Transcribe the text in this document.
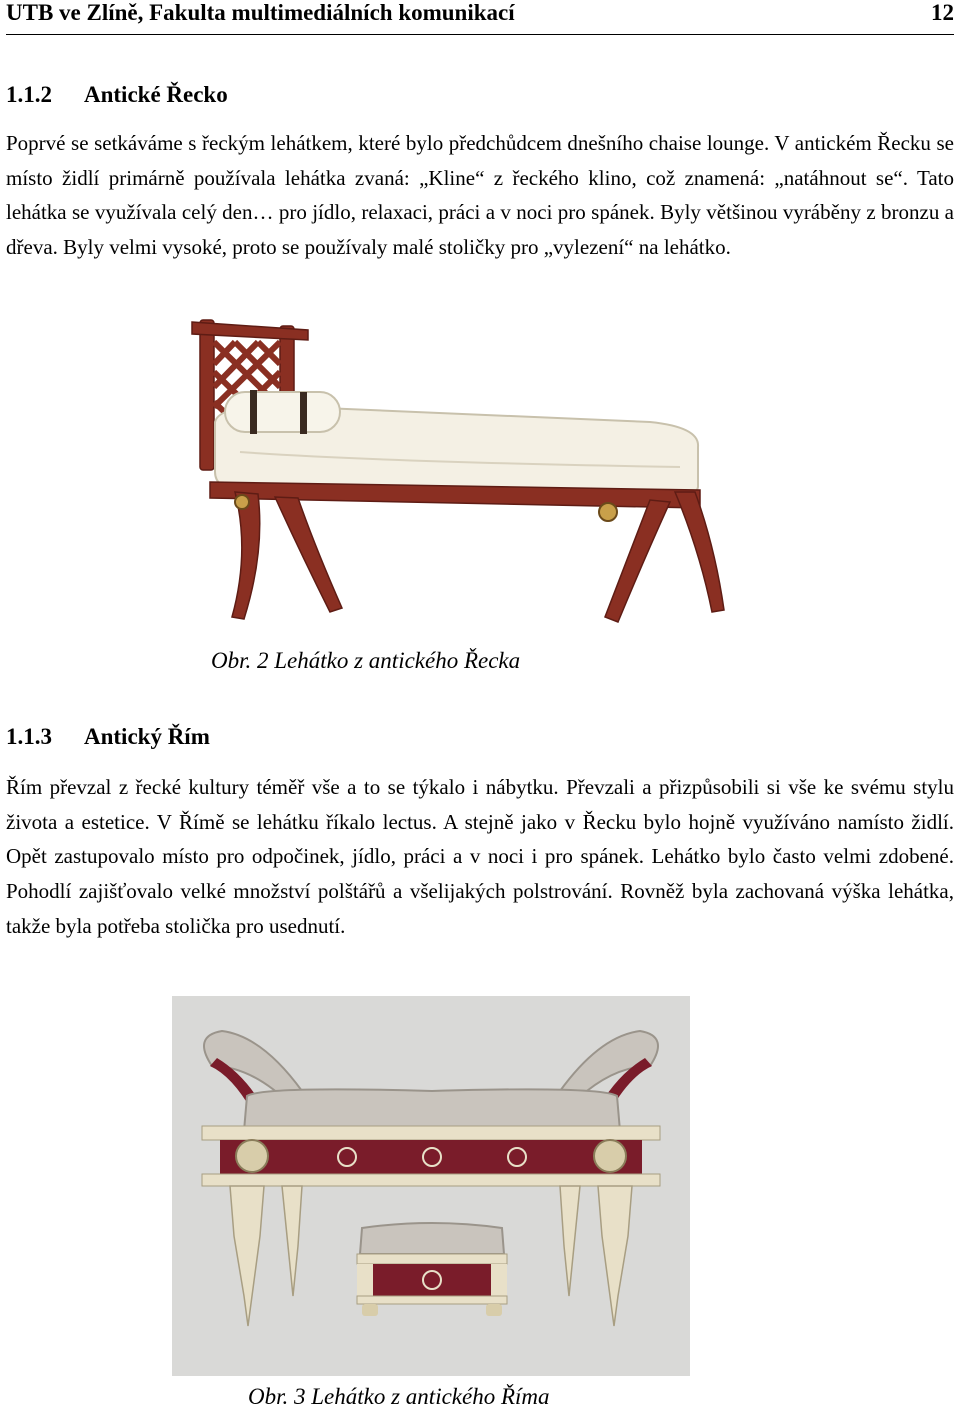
UTB ve Zlíně, Fakulta multimediálních komunikací	12
1.1.2 Antické Řecko
Poprvé se setkáváme s řeckým lehátkem, které bylo předchůdcem dnešního chaise lounge. V antickém Řecku se místo židlí primárně používala lehátka zvaná: „Kline“ z řeckého klino, což znamená: „natáhnout se“. Tato lehátka se využívala celý den… pro jídlo, relaxaci, práci a v noci pro spánek. Byly většinou vyráběny z bronzu a dřeva. Byly velmi vysoké, proto se používaly malé stoličky pro „vylezení“ na lehátko.
Obr. 2 Lehátko z antického Řecka
1.1.3 Antický Řím
Řím převzal z řecké kultury téměř vše a to se týkalo i nábytku. Převzali a přizpůsobili si vše ke svému stylu života a estetice. V Římě se lehátku říkalo lectus. A stejně jako v Řecku bylo hojně využíváno namísto židlí. Opět zastupovalo místo pro odpočinek, jídlo, práci a v noci i pro spánek. Lehátko bylo často velmi zdobené. Pohodlí zajišťovalo velké množství polštářů a všelijakých polstrování. Rovněž byla zachovaná výška lehátka, takže byla potřeba stolička pro usednutí.
Obr. 3 Lehátko z antického Říma
